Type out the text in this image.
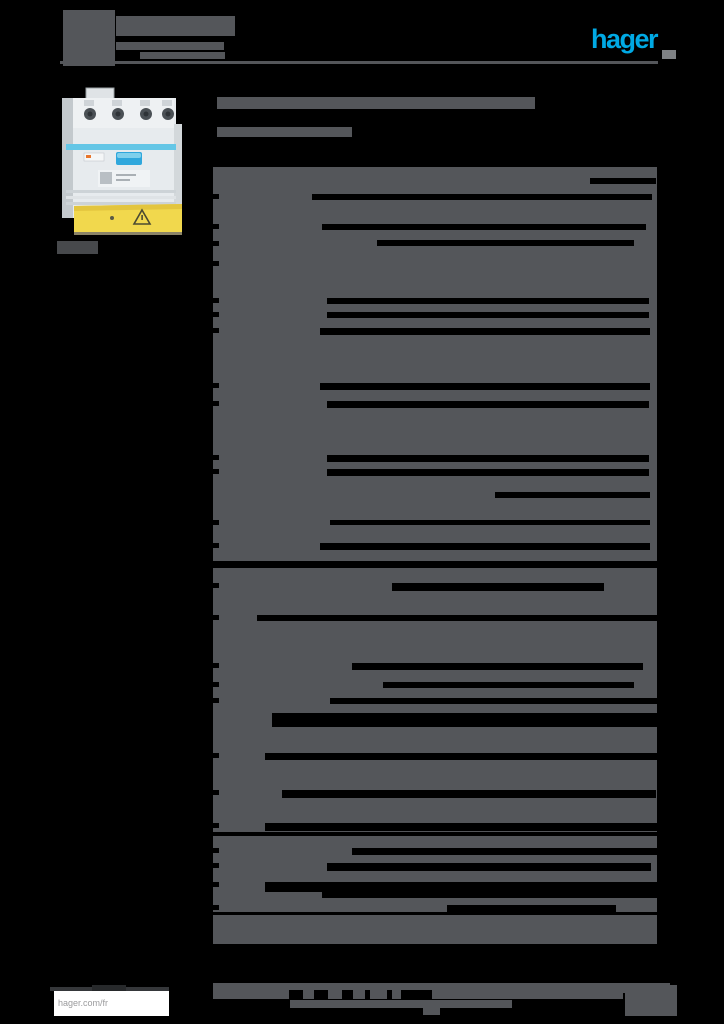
hager
hager.com/fr
